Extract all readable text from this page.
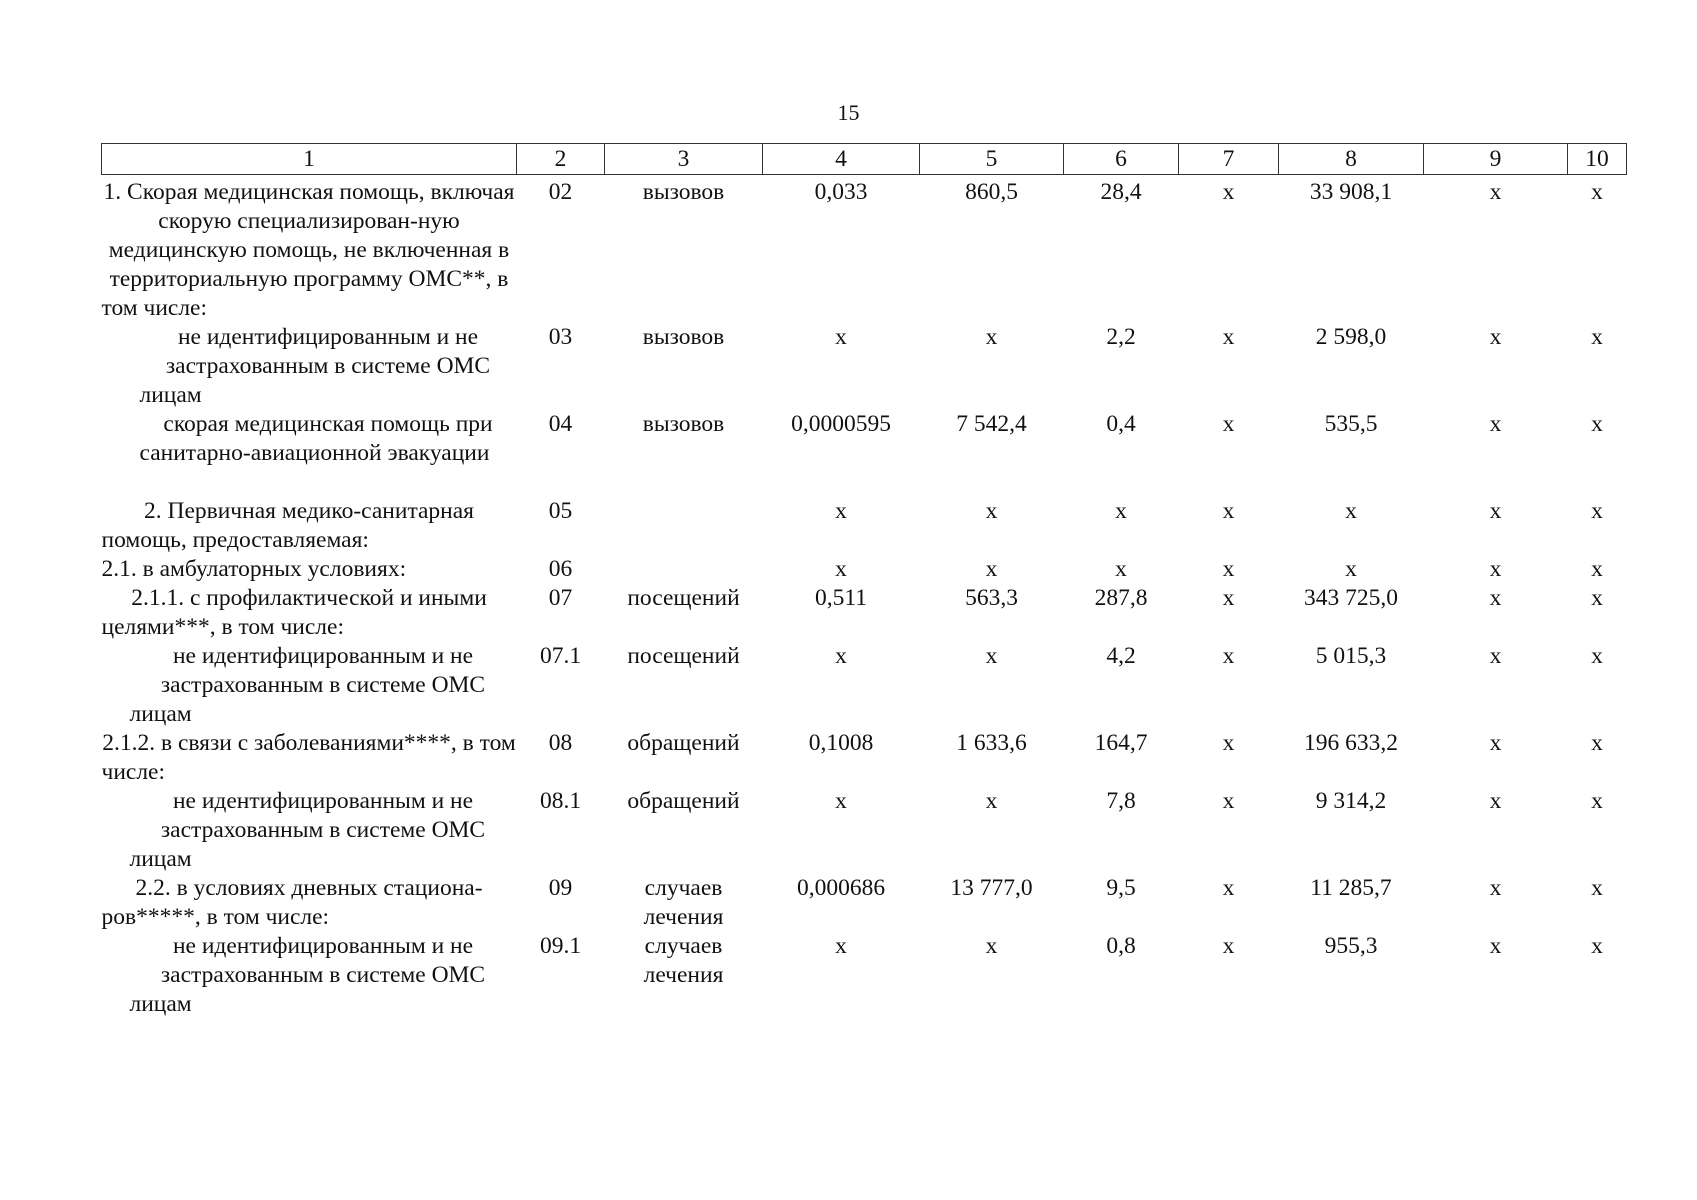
15
1	2	3	4	5	6	7	8	9	10
1. Скорая медицинская помощь, включая скорую специализирован-ную медицинскую помощь, не включенная в территориальную программу ОМС**, в том числе:	02	вызовов	0,033	860,5	28,4	х	33 908,1	х	х
не идентифицированным и не застрахованным в системе ОМС лицам	03	вызовов	х	х	2,2	х	2 598,0	х	х
скорая медицинская помощь при санитарно-авиационной эвакуации	04	вызовов	0,0000595	7 542,4	0,4	х	535,5	х	х
2. Первичная медико-санитарная помощь, предоставляемая:	05		х	х	х	х	х	х	х
2.1. в амбулаторных условиях:	06		х	х	х	х	х	х	х
2.1.1. с профилактической и иными целями***, в том числе:	07	посещений	0,511	563,3	287,8	х	343 725,0	х	х
не идентифицированным и не застрахованным в системе ОМС лицам	07.1	посещений	х	х	4,2	х	5 015,3	х	х
2.1.2. в связи с заболеваниями****, в том числе:	08	обращений	0,1008	1 633,6	164,7	х	196 633,2	х	х
не идентифицированным и не застрахованным в системе ОМС лицам	08.1	обращений	х	х	7,8	х	9 314,2	х	х
2.2. в условиях дневных стациона-ров*****, в том числе:	09	случаев лечения	0,000686	13 777,0	9,5	х	11 285,7	х	х
не идентифицированным и не застрахованным в системе ОМС лицам	09.1	случаев лечения	х	х	0,8	х	955,3	х	х
